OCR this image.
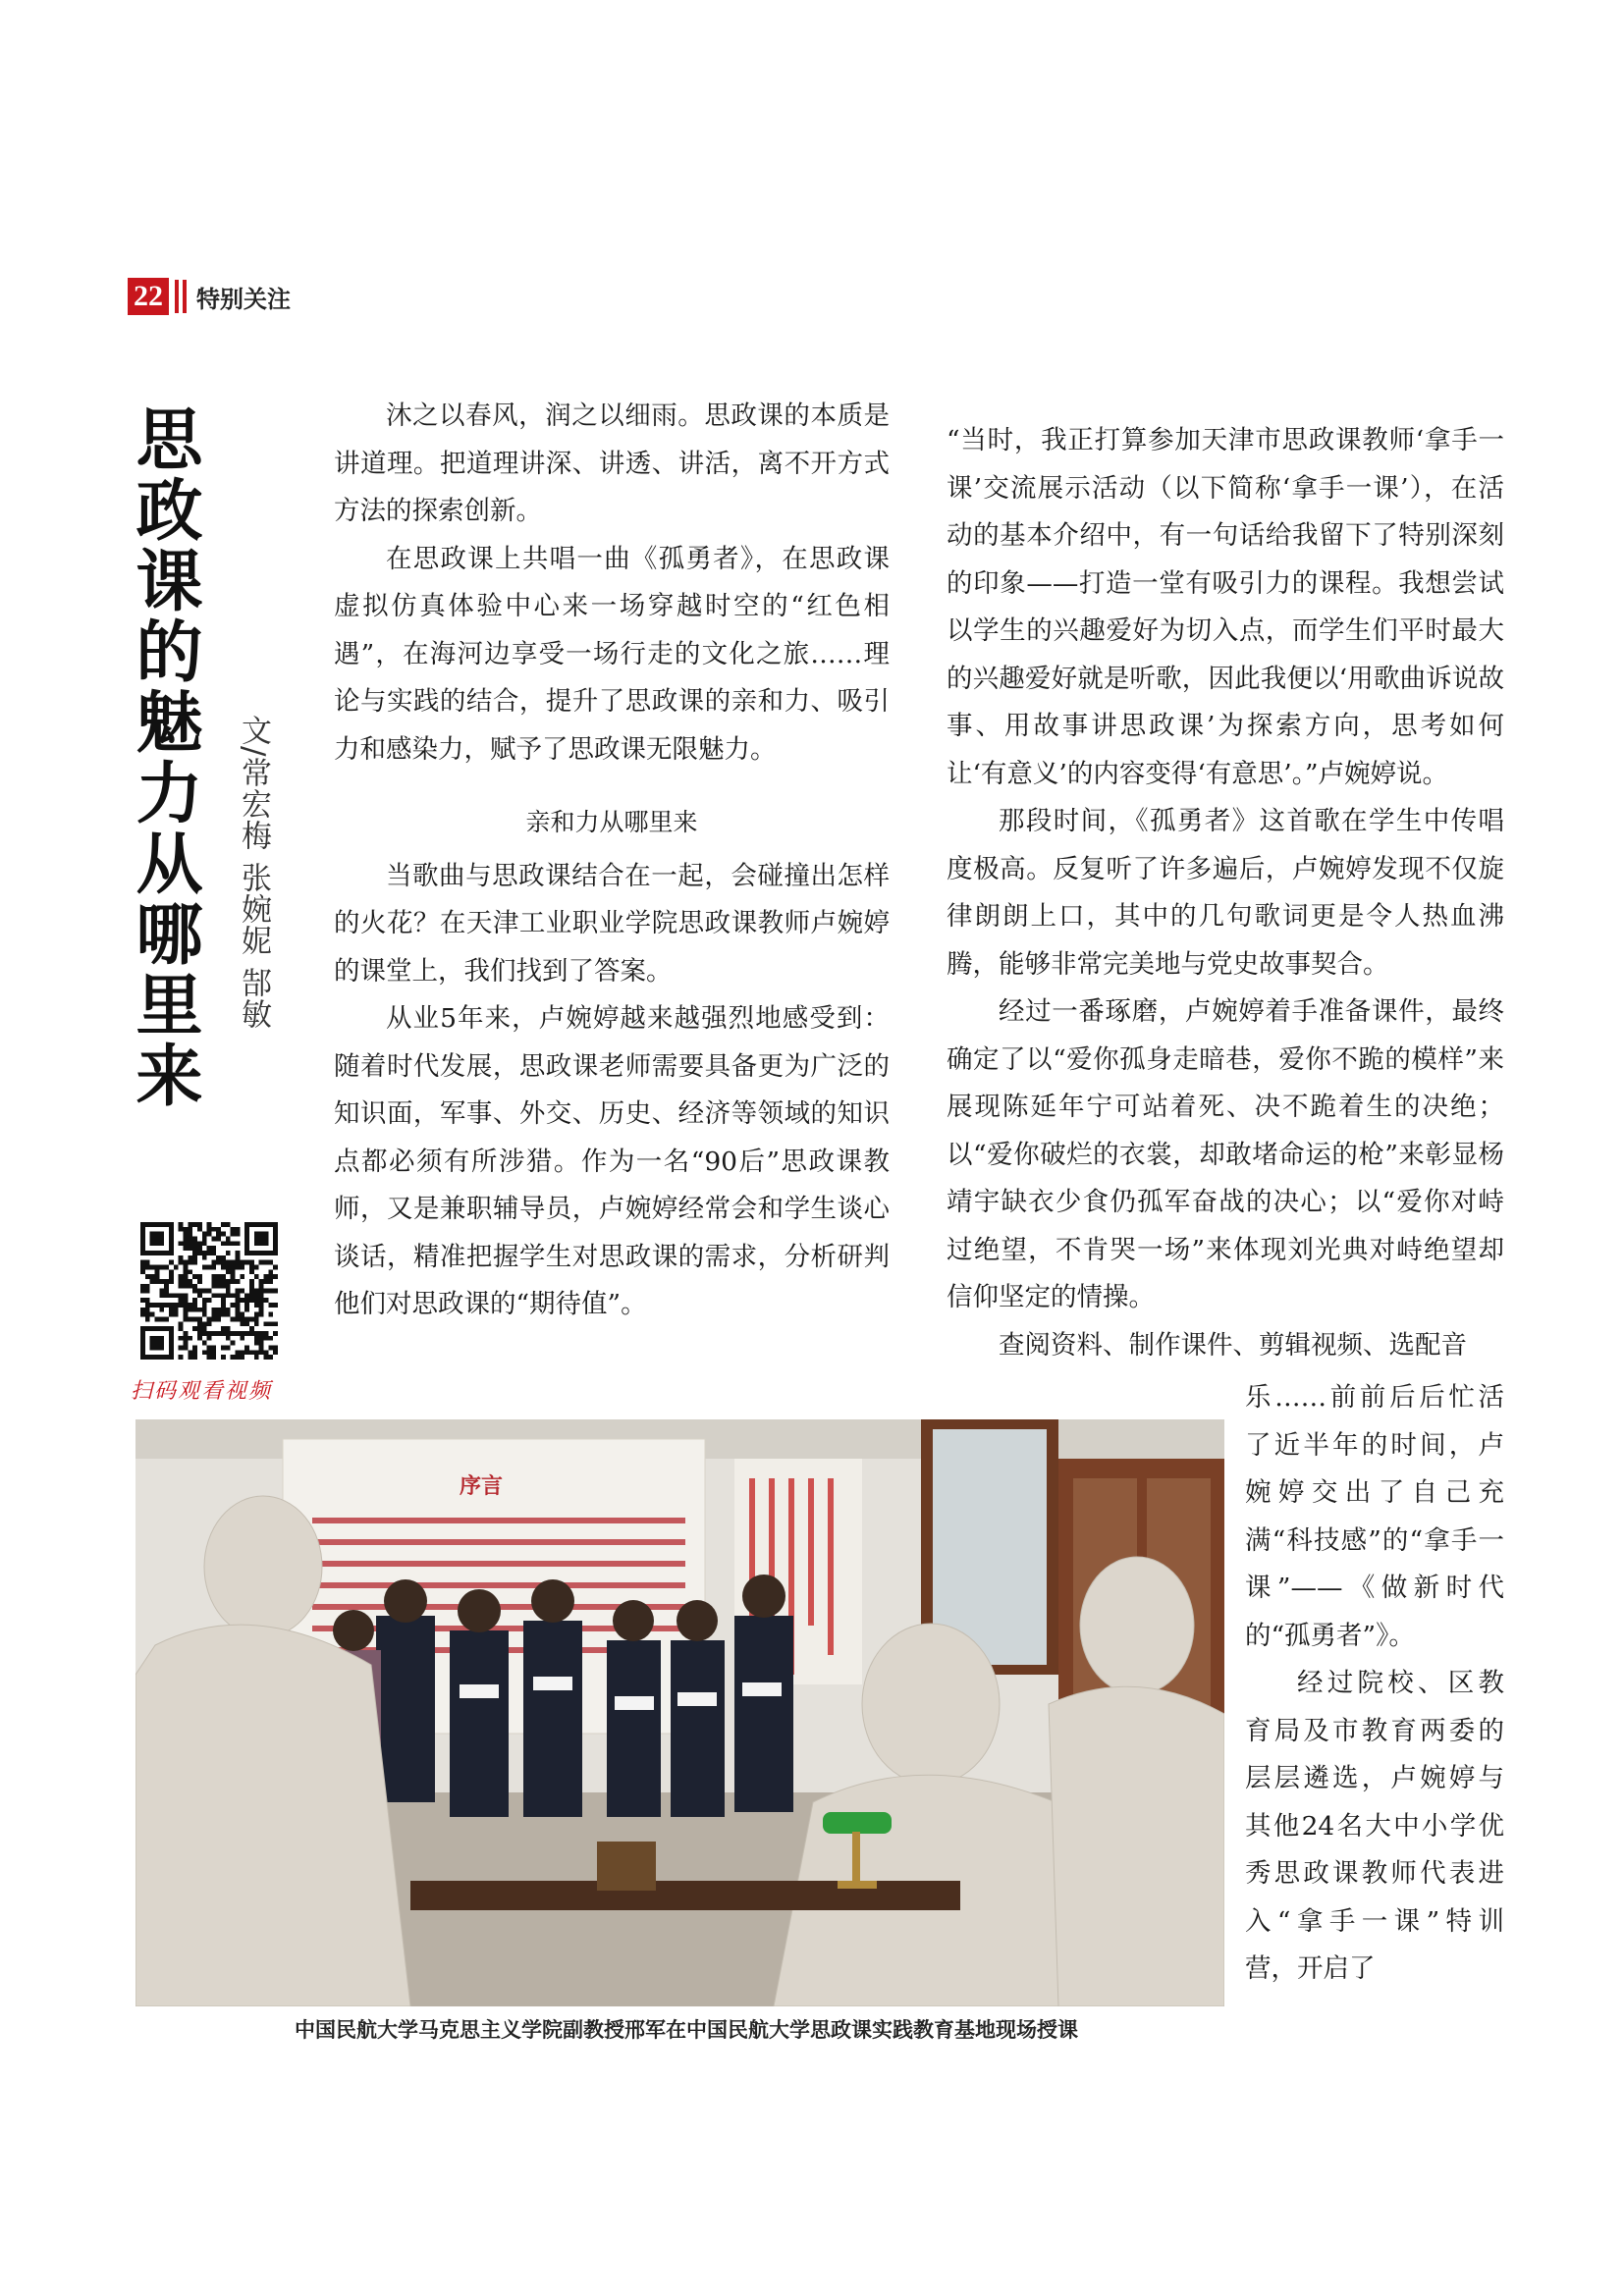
22 特别关注
思政课的魅力从哪里来 文/常宏梅 张婉妮 郜敏
扫码观看视频

沐之以春风，润之以细雨。思政课的本质是讲道理。把道理讲深、讲透、讲活，离不开方式方法的探索创新。

在思政课上共唱一曲《孤勇者》，在思政课虚拟仿真体验中心来一场穿越时空的“红色相遇”，在海河边享受一场行走的文化之旅……理论与实践的结合，提升了思政课的亲和力、吸引力和感染力，赋予了思政课无限魅力。

亲和力从哪里来

当歌曲与思政课结合在一起，会碰撞出怎样的火花？在天津工业职业学院思政课教师卢婉婷的课堂上，我们找到了答案。

从业5年来，卢婉婷越来越强烈地感受到：随着时代发展，思政课老师需要具备更为广泛的知识面，军事、外交、历史、经济等领域的知识点都必须有所涉猎。作为一名“90后”思政课教师，又是兼职辅导员，卢婉婷经常会和学生谈心谈话，精准把握学生对思政课的需求，分析研判他们对思政课的“期待值”。

“当时，我正打算参加天津市思政课教师‘拿手一课’交流展示活动（以下简称‘拿手一课’），在活动的基本介绍中，有一句话给我留下了特别深刻的印象——打造一堂有吸引力的课程。我想尝试以学生的兴趣爱好为切入点，而学生们平时最大的兴趣爱好就是听歌，因此我便以‘用歌曲诉说故事、用故事讲思政课’为探索方向，思考如何让‘有意义’的内容变得‘有意思’。”卢婉婷说。

那段时间，《孤勇者》这首歌在学生中传唱度极高。反复听了许多遍后，卢婉婷发现不仅旋律朗朗上口，其中的几句歌词更是令人热血沸腾，能够非常完美地与党史故事契合。

经过一番琢磨，卢婉婷着手准备课件，最终确定了以“爱你孤身走暗巷，爱你不跪的模样”来展现陈延年宁可站着死、决不跪着生的决绝；以“爱你破烂的衣裳，却敢堵命运的枪”来彰显杨靖宇缺衣少食仍孤军奋战的决心；以“爱你对峙过绝望，不肯哭一场”来体现刘光典对峙绝望却信仰坚定的情操。

查阅资料、制作课件、剪辑视频、选配音

乐……前前后后忙活了近半年的时间，卢婉婷交出了自己充满“科技感”的“拿手一课”——《做新时代的“孤勇者”》。

经过院校、区教育局及市教育两委的层层遴选，卢婉婷与其他24名大中小学优秀思政课教师代表进入“拿手一课”特训营，开启了

序言
中国民航大学马克思主义学院副教授邢军在中国民航大学思政课实践教育基地现场授课
